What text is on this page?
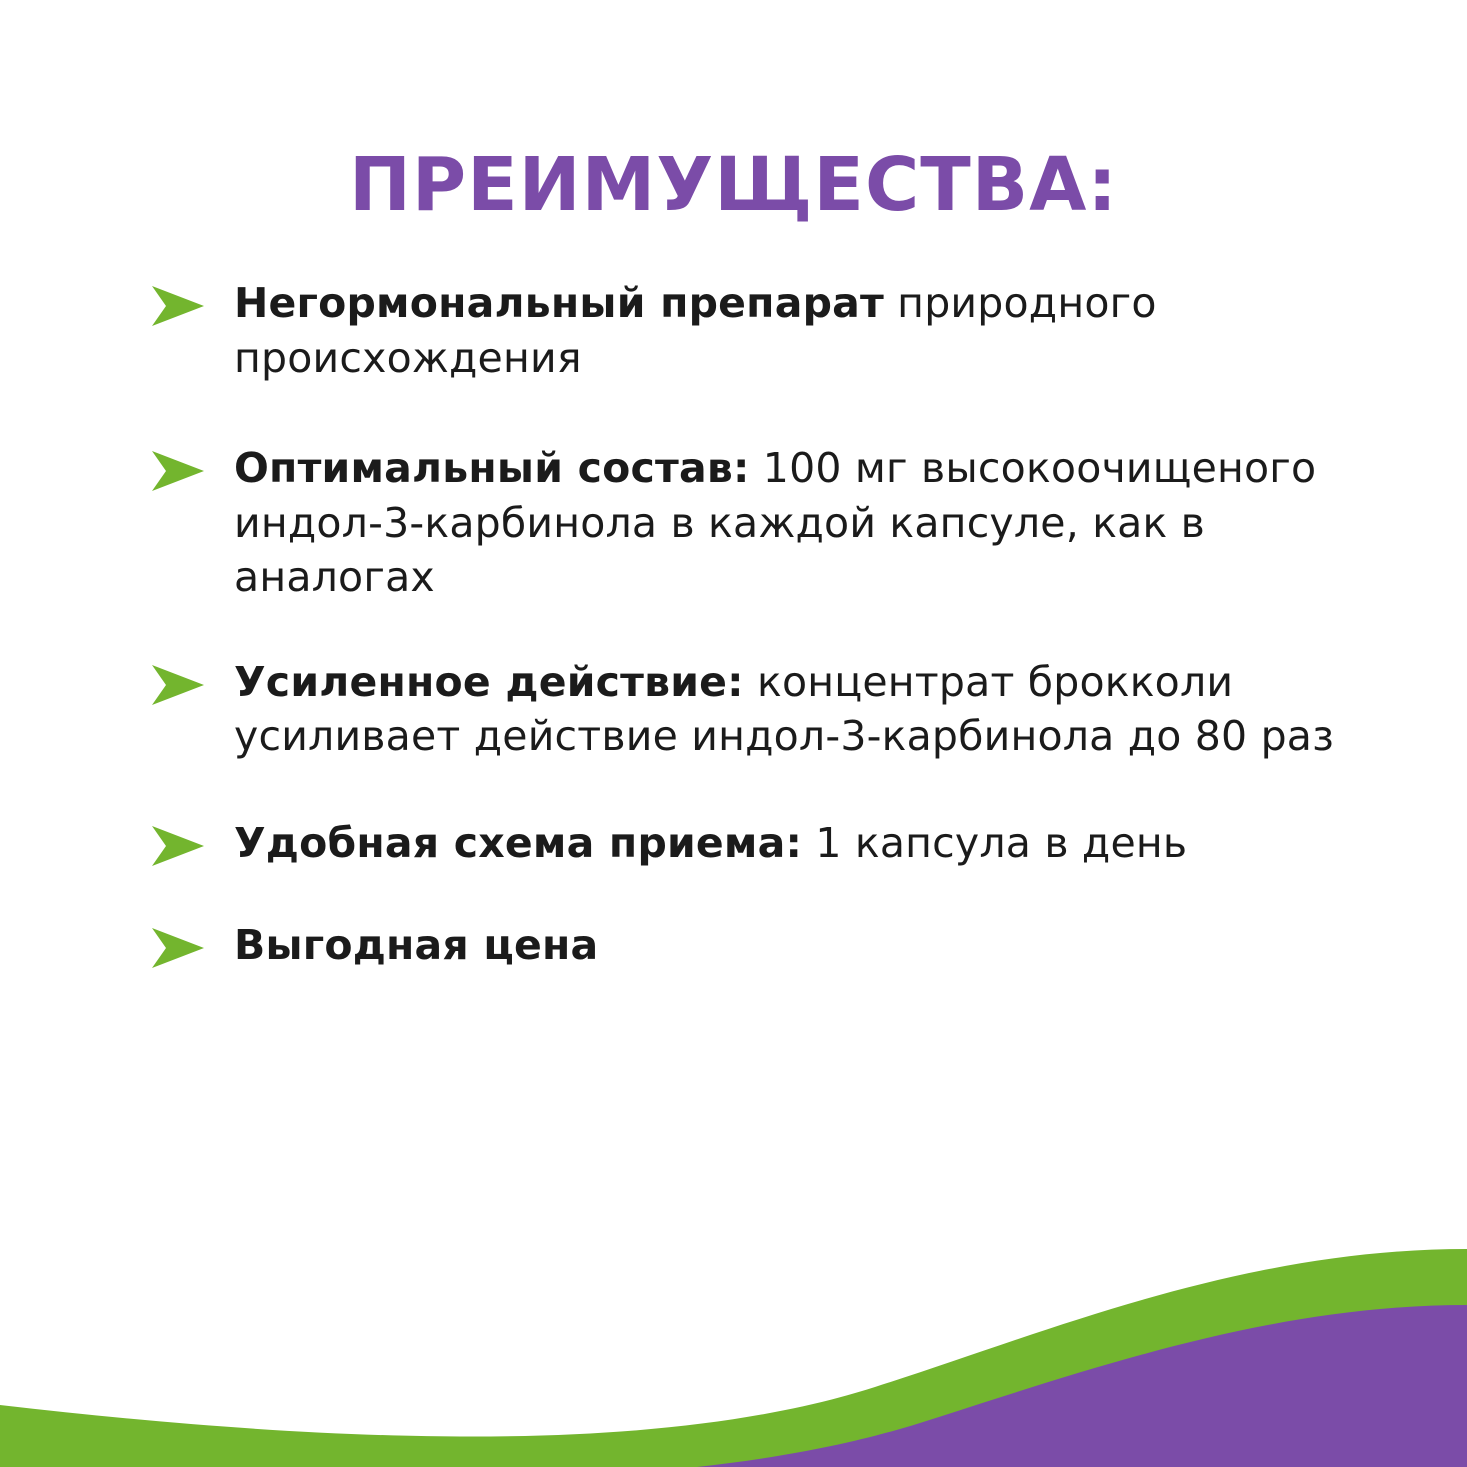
ПРЕИМУЩЕСТВА:
Негормональный препарат природного происхождения
Оптимальный состав: 100 мг высокоочищеного индол-3-карбинола в каждой капсуле, как в аналогах
Усиленное действие: концентрат брокколи усиливает действие индол-3-карбинола до 80 раз
Удобная схема приема: 1 капсула в день
Выгодная цена
